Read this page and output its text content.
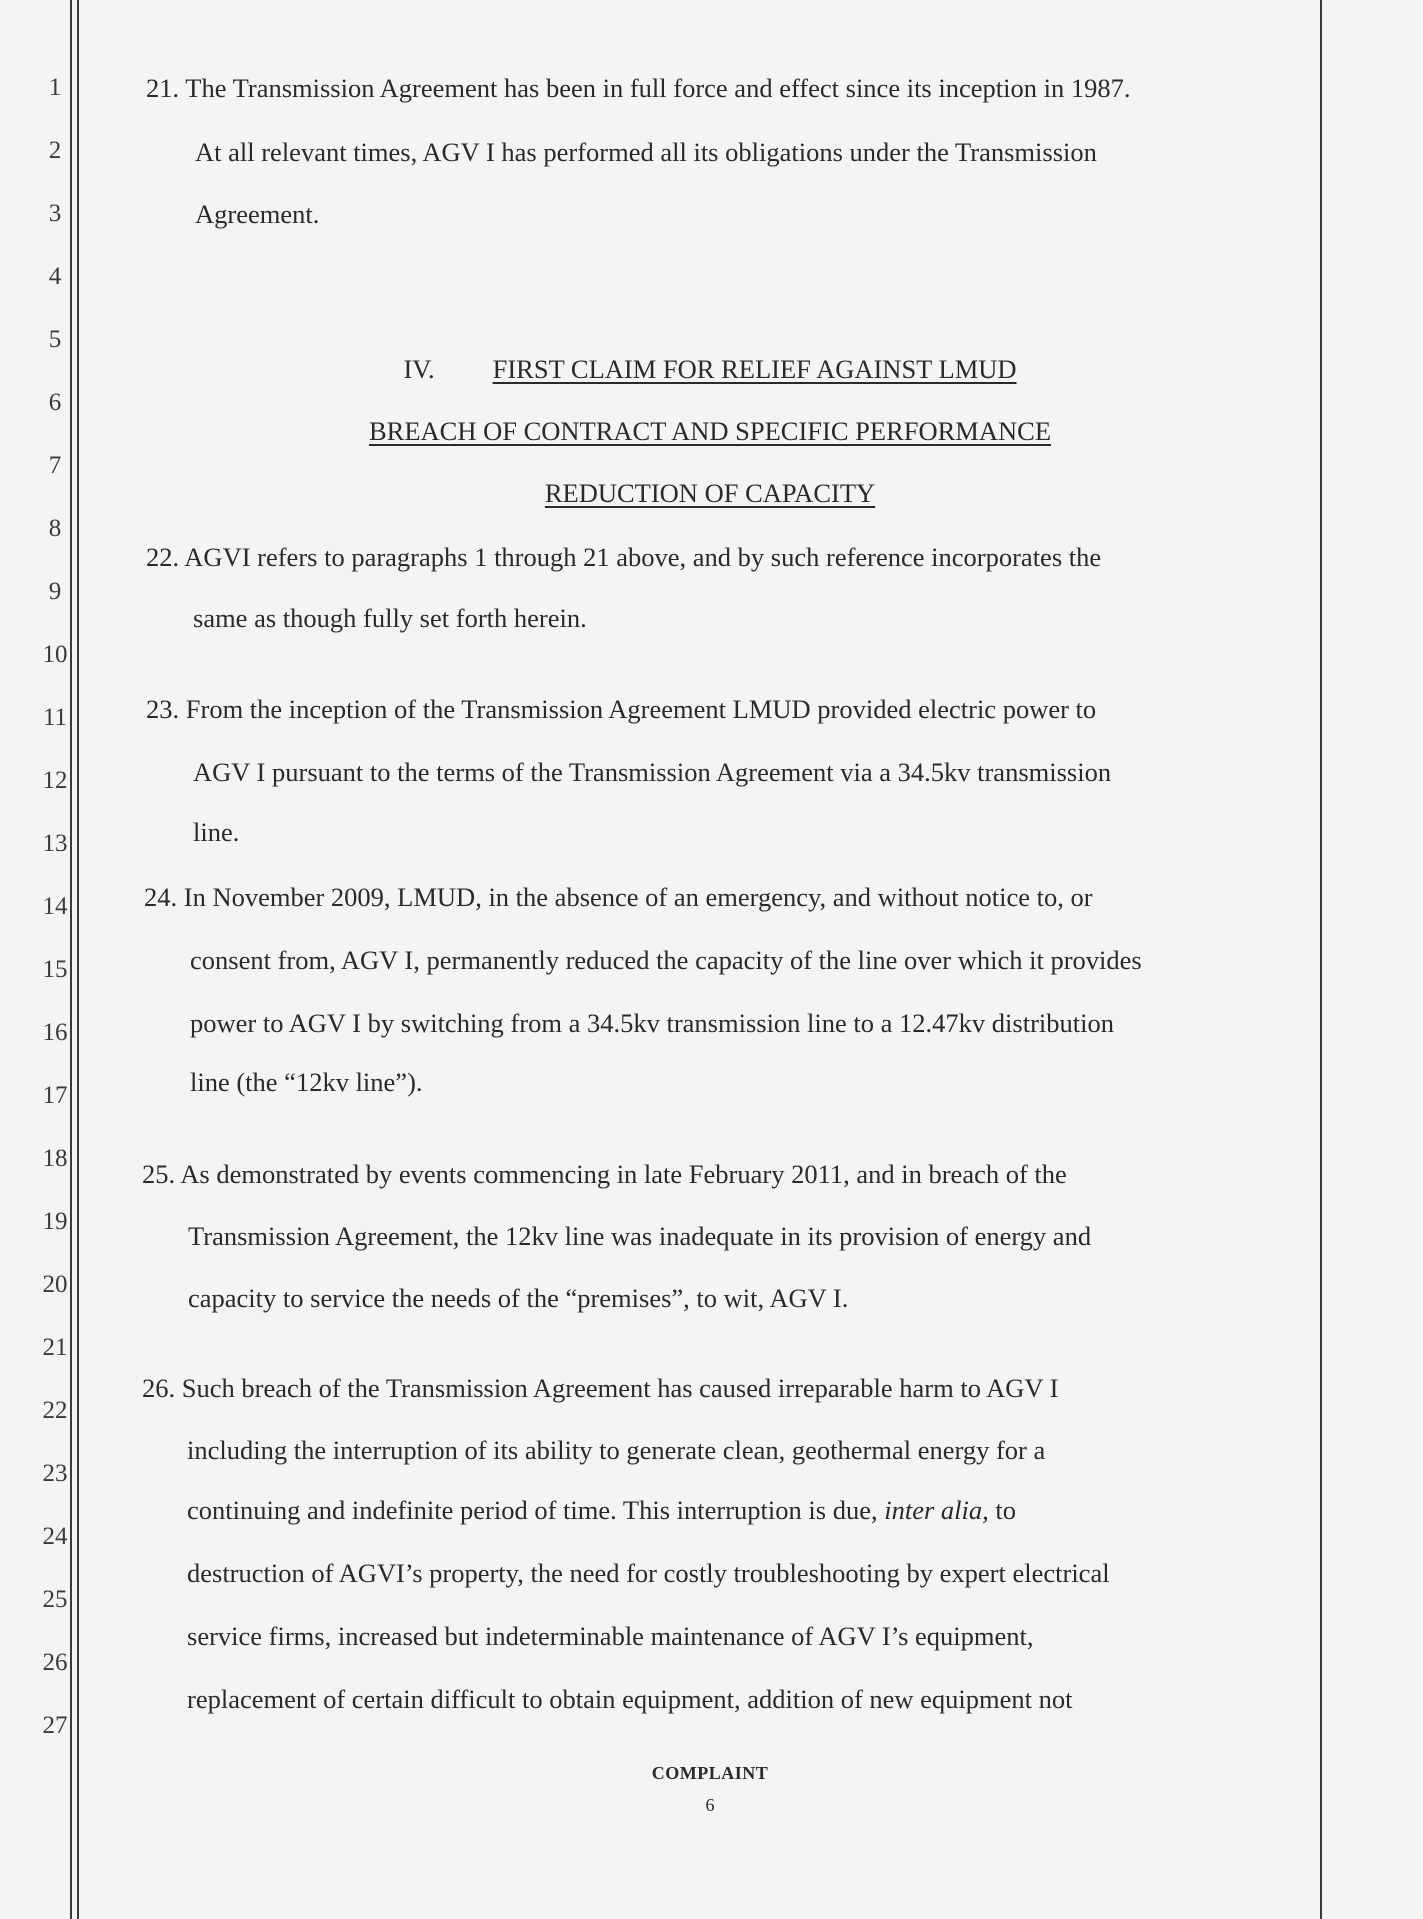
1
2
3
4
5
6
7
8
9
10
11
12
13
14
15
16
17
18
19
20
21
22
23
24
25
26
27
21. The Transmission Agreement has been in full force and effect since its inception in 1987.
At all relevant times, AGV I has performed all its obligations under the Transmission
Agreement.
IV. FIRST CLAIM FOR RELIEF AGAINST LMUD
BREACH OF CONTRACT AND SPECIFIC PERFORMANCE
REDUCTION OF CAPACITY
22. AGVI refers to paragraphs 1 through 21 above, and by such reference incorporates the
same as though fully set forth herein.
23. From the inception of the Transmission Agreement LMUD provided electric power to
AGV I pursuant to the terms of the Transmission Agreement via a 34.5kv transmission
line.
24. In November 2009, LMUD, in the absence of an emergency, and without notice to, or
consent from, AGV I, permanently reduced the capacity of the line over which it provides
power to AGV I by switching from a 34.5kv transmission line to a 12.47kv distribution
line (the “12kv line”).
25. As demonstrated by events commencing in late February 2011, and in breach of the
Transmission Agreement, the 12kv line was inadequate in its provision of energy and
capacity to service the needs of the “premises”, to wit, AGV I.
26. Such breach of the Transmission Agreement has caused irreparable harm to AGV I
including the interruption of its ability to generate clean, geothermal energy for a
continuing and indefinite period of time. This interruption is due, inter alia, to
destruction of AGVI’s property, the need for costly troubleshooting by expert electrical
service firms, increased but indeterminable maintenance of AGV I’s equipment,
replacement of certain difficult to obtain equipment, addition of new equipment not
COMPLAINT
6
